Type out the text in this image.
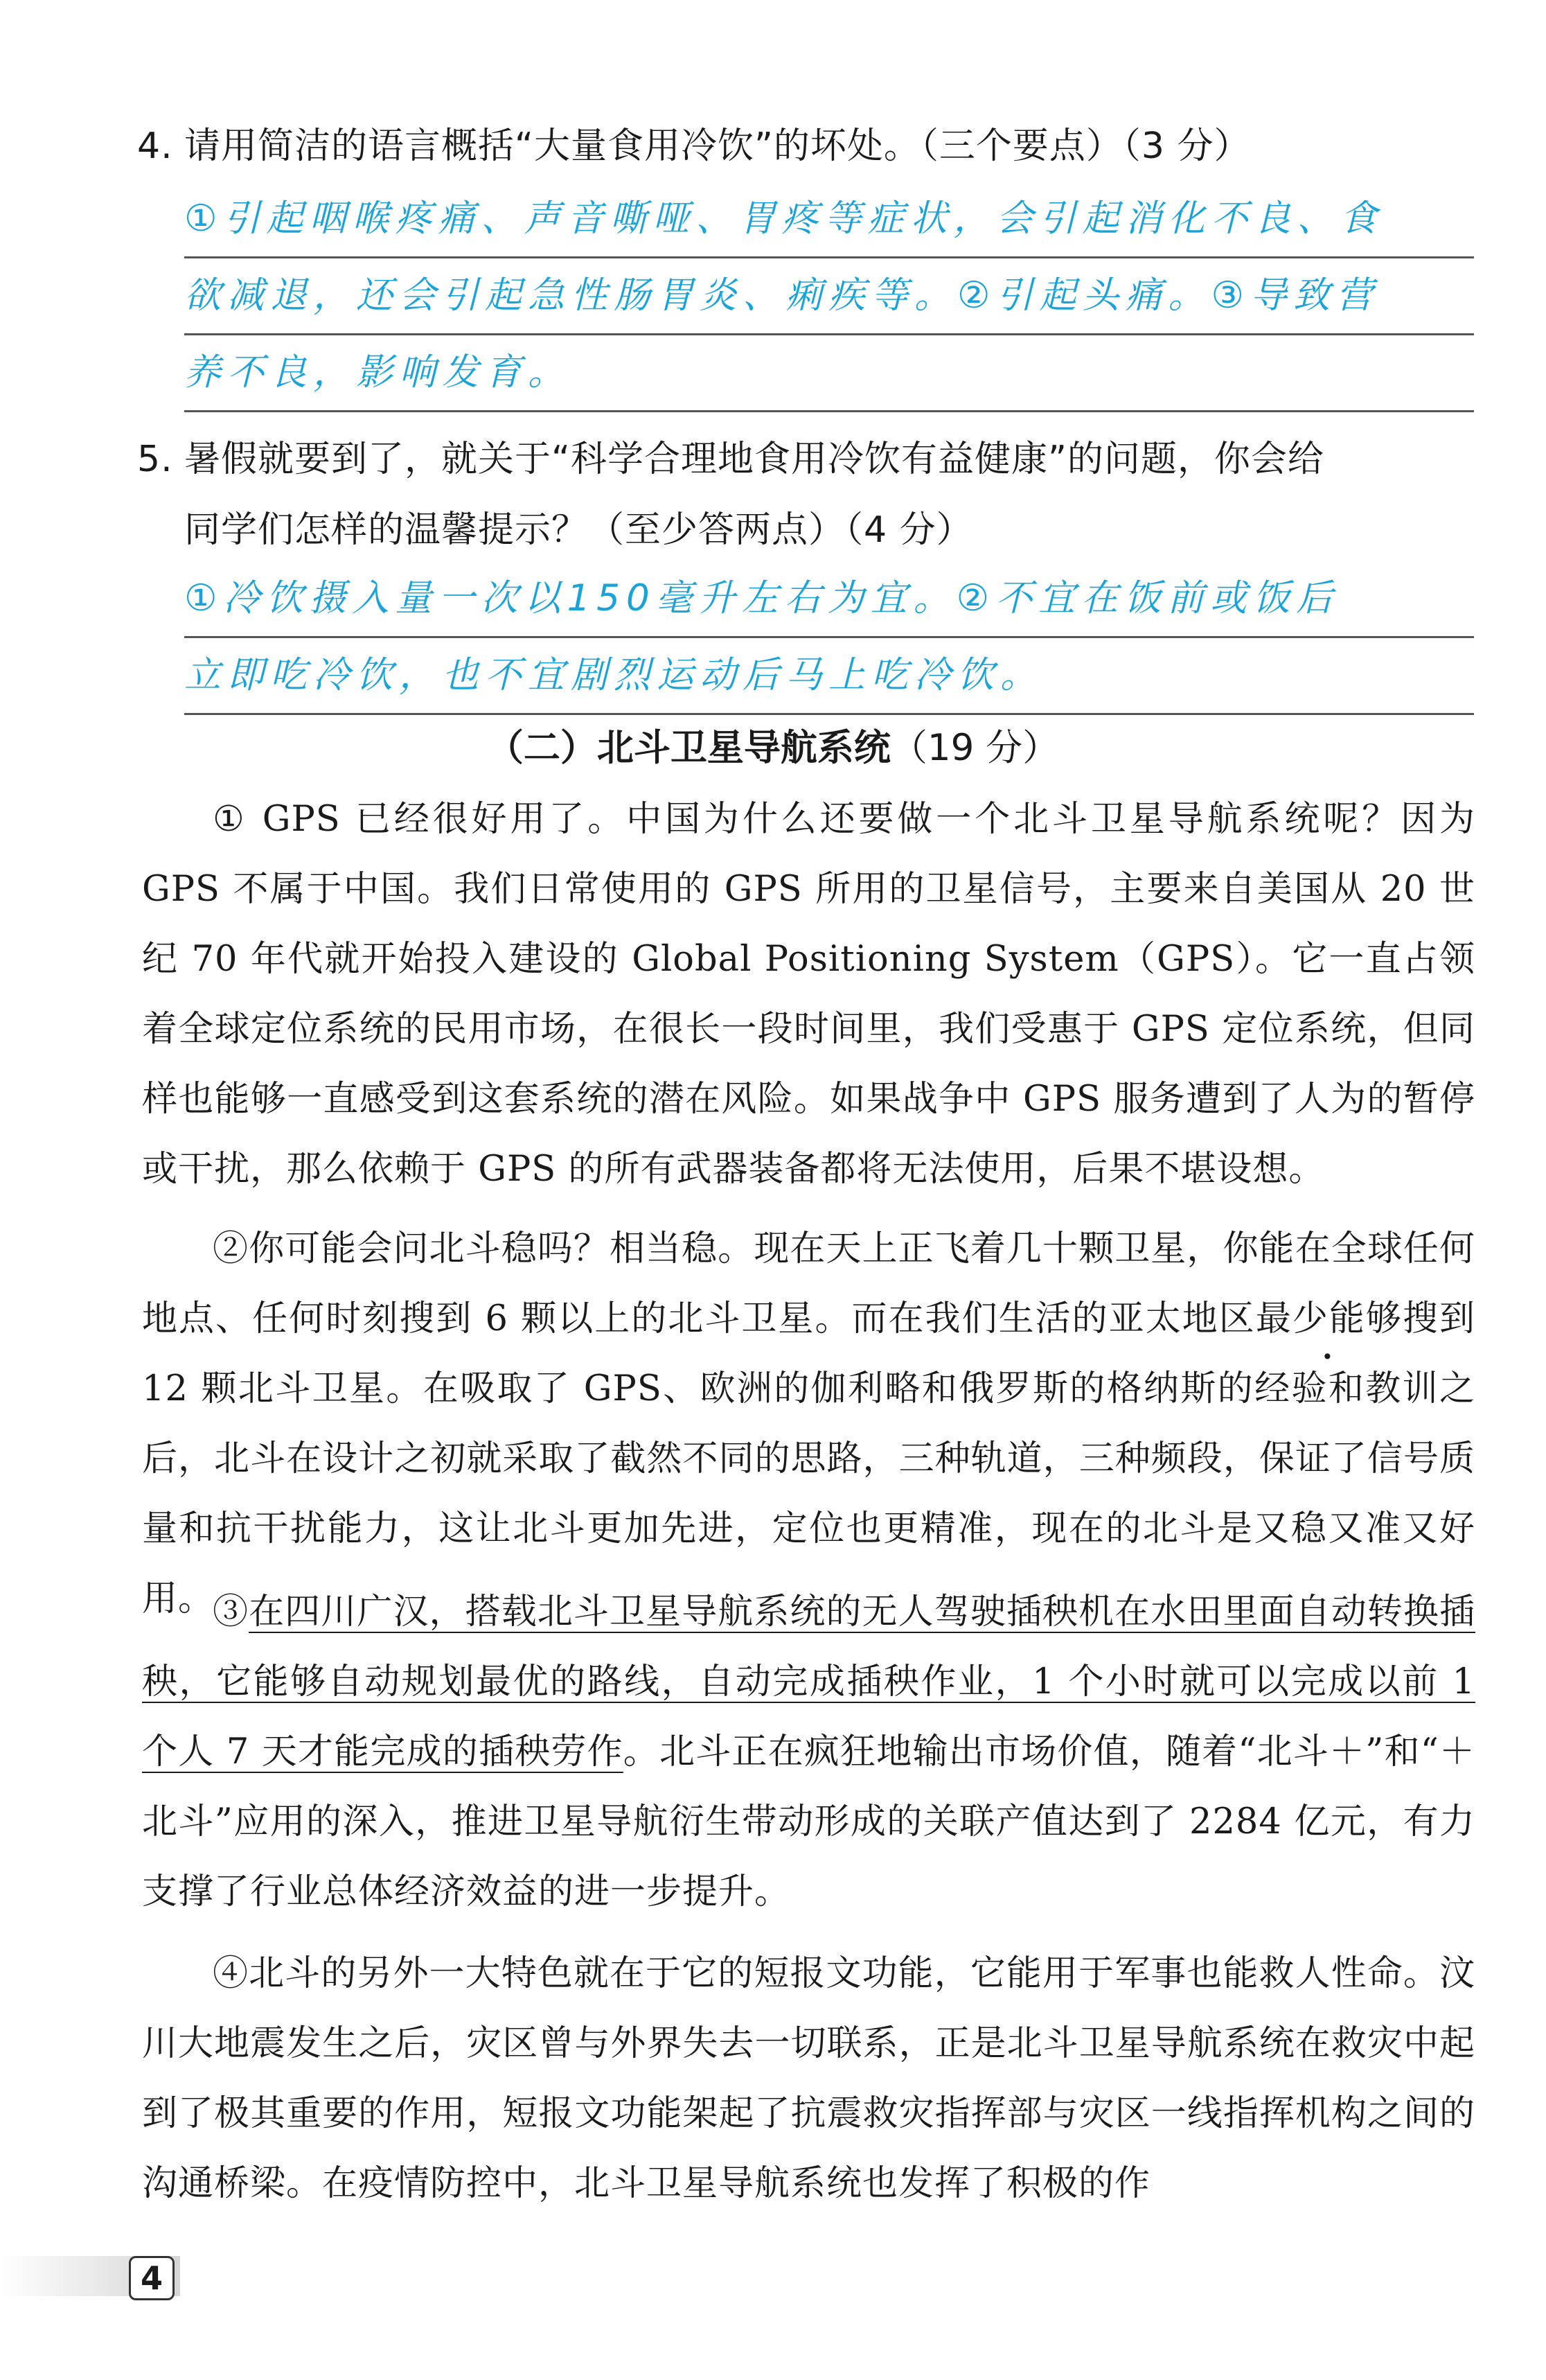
4. 请用简洁的语言概括“大量食用冷饮”的坏处。（三个要点）（3 分）
①引起咽喉疼痛、声音嘶哑、胃疼等症状，会引起消化不良、食
欲减退，还会引起急性肠胃炎、痢疾等。②引起头痛。③导致营
养不良，影响发育。
5. 暑假就要到了，就关于“科学合理地食用冷饮有益健康”的问题，你会给
同学们怎样的温馨提示？（至少答两点）（4 分）
①冷饮摄入量一次以150毫升左右为宜。②不宜在饭前或饭后
立即吃冷饮，也不宜剧烈运动后马上吃冷饮。
（二）北斗卫星导航系统（19 分）
① GPS 已经很好用了。中国为什么还要做一个北斗卫星导航系统呢？因为 GPS 不属于中国。我们日常使用的 GPS 所用的卫星信号，主要来自美国从 20 世纪 70 年代就开始投入建设的 Global Positioning System（GPS）。它一直占领着全球定位系统的民用市场，在很长一段时间里，我们受惠于 GPS 定位系统，但同样也能够一直感受到这套系统的潜在风险。如果战争中 GPS 服务遭到了人为的暂停或干扰，那么依赖于 GPS 的所有武器装备都将无法使用，后果不堪设想。
②你可能会问北斗稳吗？相当稳。现在天上正飞着几十颗卫星，你能在全球任何地点、任何时刻搜到 6 颗以上的北斗卫星。而在我们生活的亚太地区最少能够搜到 12 颗北斗卫星。在吸取了 GPS、欧洲的伽利略和俄罗斯的格纳斯的经验和教训之后，北斗在设计之初就采取了截然不同的思路，三种轨道，三种频段，保证了信号质量和抗干扰能力，这让北斗更加先进，定位也更精准，现在的北斗是又稳又准又好用。
③在四川广汉，搭载北斗卫星导航系统的无人驾驶插秧机在水田里面自动转换插秧，它能够自动规划最优的路线，自动完成插秧作业，1 个小时就可以完成以前 1 个人 7 天才能完成的插秧劳作。北斗正在疯狂地输出市场价值，随着“北斗＋”和“＋北斗”应用的深入，推进卫星导航衍生带动形成的关联产值达到了 2284 亿元，有力支撑了行业总体经济效益的进一步提升。
④北斗的另外一大特色就在于它的短报文功能，它能用于军事也能救人性命。汶川大地震发生之后，灾区曾与外界失去一切联系，正是北斗卫星导航系统在救灾中起到了极其重要的作用，短报文功能架起了抗震救灾指挥部与灾区一线指挥机构之间的沟通桥梁。在疫情防控中，北斗卫星导航系统也发挥了积极的作
4
